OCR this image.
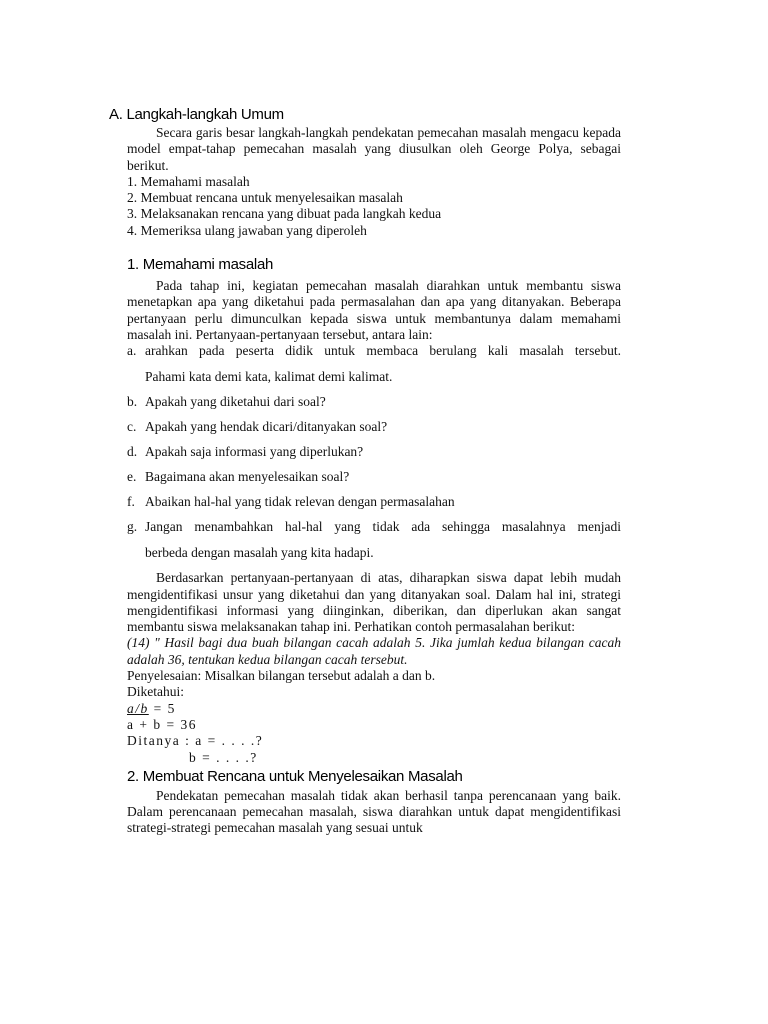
A. Langkah-langkah Umum
Secara garis besar langkah-langkah pendekatan pemecahan masalah mengacu kepada model empat-tahap pemecahan masalah yang diusulkan oleh George Polya, sebagai berikut.
1. Memahami masalah
2. Membuat rencana untuk menyelesaikan masalah
3. Melaksanakan rencana yang dibuat pada langkah kedua
4. Memeriksa ulang jawaban yang diperoleh
1. Memahami masalah
Pada tahap ini, kegiatan pemecahan masalah diarahkan untuk membantu siswa menetapkan apa yang diketahui pada permasalahan dan apa yang ditanyakan. Beberapa pertanyaan perlu dimunculkan kepada siswa untuk membantunya dalam memahami masalah ini. Pertanyaan-pertanyaan tersebut, antara lain:
a. arahkan pada peserta didik untuk membaca berulang kali masalah tersebut.
Pahami kata demi kata, kalimat demi kalimat.
b. Apakah yang diketahui dari soal?
c. Apakah yang hendak dicari/ditanyakan soal?
d. Apakah saja informasi yang diperlukan?
e. Bagaimana akan menyelesaikan soal?
f. Abaikan hal-hal yang tidak relevan dengan permasalahan
g. Jangan menambahkan hal-hal yang tidak ada sehingga masalahnya menjadi
berbeda dengan masalah yang kita hadapi.
Berdasarkan pertanyaan-pertanyaan di atas, diharapkan siswa dapat lebih mudah mengidentifikasi unsur yang diketahui dan yang ditanyakan soal. Dalam hal ini, strategi mengidentifikasi informasi yang diinginkan, diberikan, dan diperlukan akan sangat membantu siswa melaksanakan tahap ini. Perhatikan contoh permasalahan berikut:
(14) " Hasil bagi dua buah bilangan cacah adalah 5. Jika jumlah kedua bilangan cacah adalah 36, tentukan kedua bilangan cacah tersebut.
Penyelesaian: Misalkan bilangan tersebut adalah a dan b.
Diketahui:
a/b = 5
a + b = 36
Ditanya : a = . . . .?
b = . . . .?
2. Membuat Rencana untuk Menyelesaikan Masalah
Pendekatan pemecahan masalah tidak akan berhasil tanpa perencanaan yang baik. Dalam perencanaan pemecahan masalah, siswa diarahkan untuk dapat mengidentifikasi strategi-strategi pemecahan masalah yang sesuai untuk
